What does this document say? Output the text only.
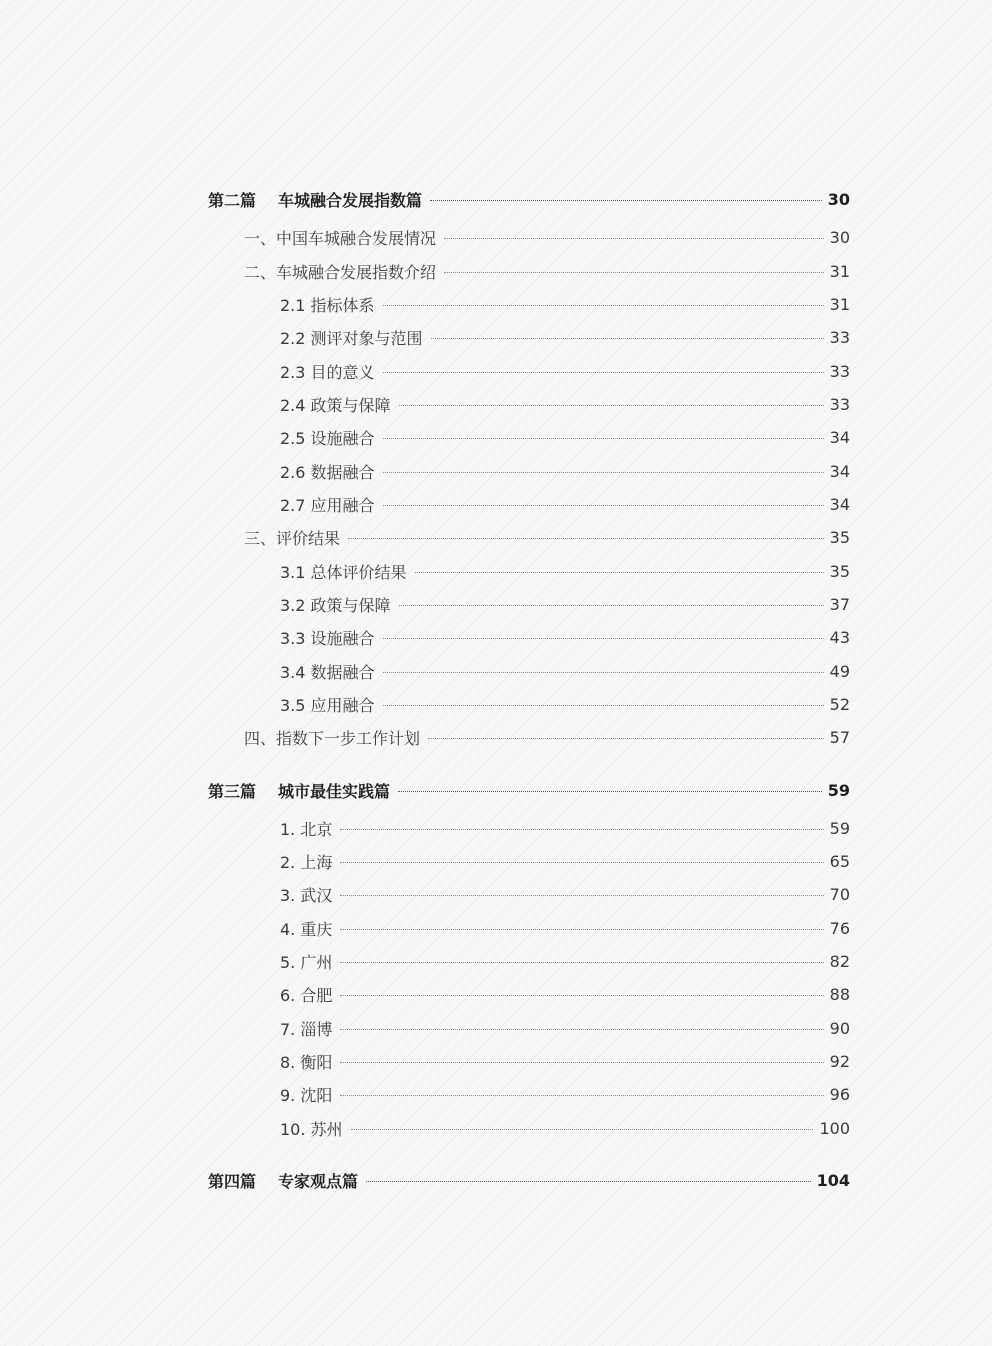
第二篇 车城融合发展指数篇	30
一、中国车城融合发展情况	30
二、车城融合发展指数介绍	31
2.1 指标体系	31
2.2 测评对象与范围	33
2.3 目的意义	33
2.4 政策与保障	33
2.5 设施融合	34
2.6 数据融合	34
2.7 应用融合	34
三、评价结果	35
3.1 总体评价结果	35
3.2 政策与保障	37
3.3 设施融合	43
3.4 数据融合	49
3.5 应用融合	52
四、指数下一步工作计划	57
第三篇 城市最佳实践篇	59
1. 北京	59
2. 上海	65
3. 武汉	70
4. 重庆	76
5. 广州	82
6. 合肥	88
7. 淄博	90
8. 衡阳	92
9. 沈阳	96
10. 苏州	100
第四篇 专家观点篇	104
